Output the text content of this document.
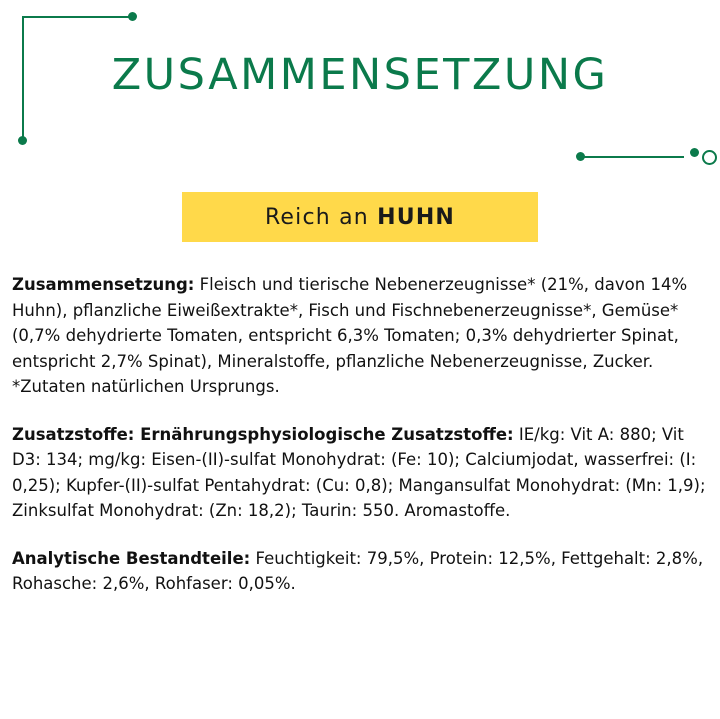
ZUSAMMENSETZUNG
Reich an HUHN

Zusammensetzung: Fleisch und tierische Nebenerzeugnisse* (21%, davon 14% Huhn), pflanzliche Eiweißextrakte*, Fisch und Fischnebenerzeugnisse*, Gemüse* (0,7% dehydrierte Tomaten, entspricht 6,3% Tomaten; 0,3% dehydrierter Spinat, entspricht 2,7% Spinat), Mineralstoffe, pflanzliche Nebenerzeugnisse, Zucker. *Zutaten natürlichen Ursprungs.

Zusatzstoffe: Ernährungsphysiologische Zusatzstoffe: IE/kg: Vit A: 880; Vit D3: 134; mg/kg: Eisen-(II)-sulfat Monohydrat: (Fe: 10); Calciumjodat, wasserfrei: (I: 0,25); Kupfer-(II)-sulfat Pentahydrat: (Cu: 0,8); Mangansulfat Monohydrat: (Mn: 1,9); Zinksulfat Monohydrat: (Zn: 18,2); Taurin: 550. Aromastoffe.

Analytische Bestandteile: Feuchtigkeit: 79,5%, Protein: 12,5%, Fettgehalt: 2,8%, Rohasche: 2,6%, Rohfaser: 0,05%.
